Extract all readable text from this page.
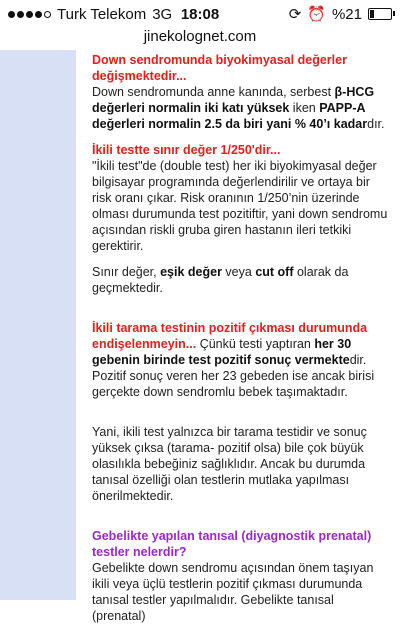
Turk Telekom 3G 18:08	⟳ ⏰ %21
jinekolognet.com

Down sendromunda biyokimyasal değerler değişmektedir...
Down sendromunda anne kanında, serbest β-HCG değerleri normalin iki katı yüksek iken PAPP-A değerleri normalin 2.5 da biri yani % 40’ı kadardır.

İkili testte sınır değer 1/250'dir...
"İkili test"de (double test) her iki biyokimyasal değer bilgisayar programında değerlendirilir ve ortaya bir risk oranı çıkar. Risk oranının 1/250’nin üzerinde olması durumunda test pozitiftir, yani down sendromu açısından riskli gruba giren hastanın ileri tetkiki gerektirir.

Sınır değer, eşik değer veya cut off olarak da geçmektedir.

İkili tarama testinin pozitif çıkması durumunda endişelenmeyin... Çünkü testi yaptıran her 30 gebenin birinde test pozitif sonuç vermektedir. Pozitif sonuç veren her 23 gebeden ise ancak birisi gerçekte down sendromlu bebek taşımaktadır.

Yani, ikili test yalnızca bir tarama testidir ve sonuç yüksek çıksa (tarama- pozitif olsa) bile çok büyük olasılıkla bebeğiniz sağlıklıdır. Ancak bu durumda tanısal özelliği olan testlerin mutlaka yapılması önerilmektedir.

Gebelikte yapılan tanısal (diyagnostik prenatal) testler nelerdir?
Gebelikte down sendromu açısından önem taşıyan ikili veya üçlü testlerin pozitif çıkması durumunda tanısal testler yapılmalıdır. Gebelikte tanısal (prenatal)
